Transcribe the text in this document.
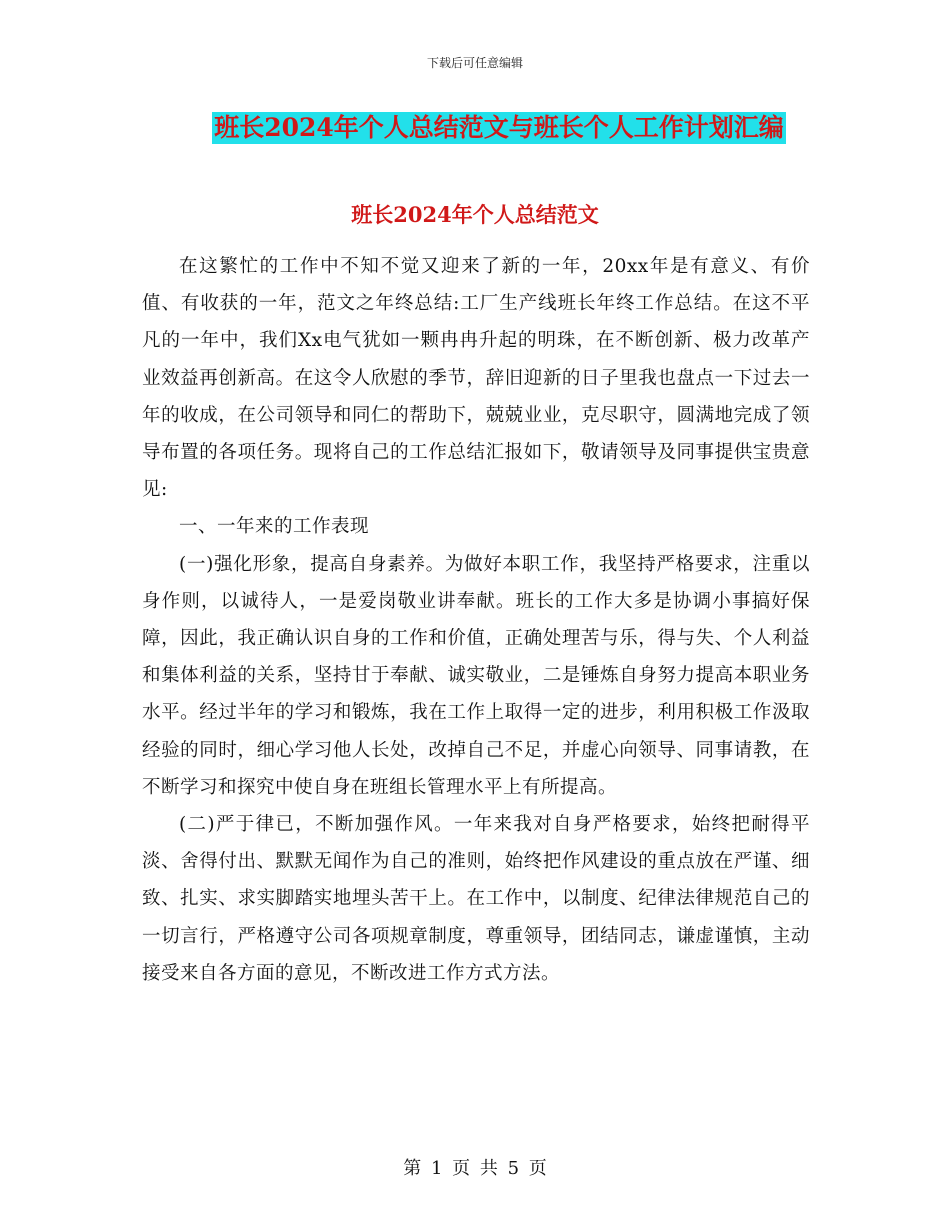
下载后可任意编辑
班长2024年个人总结范文与班长个人工作计划汇编
班长2024年个人总结范文

在这繁忙的工作中不知不觉又迎来了新的一年，20xx年是有意义、有价值、有收获的一年，范文之年终总结:工厂生产线班长年终工作总结。在这不平凡的一年中，我们Xx电气犹如一颗冉冉升起的明珠，在不断创新、极力改革产业效益再创新高。在这令人欣慰的季节，辞旧迎新的日子里我也盘点一下过去一年的收成，在公司领导和同仁的帮助下，兢兢业业，克尽职守，圆满地完成了领导布置的各项任务。现将自己的工作总结汇报如下，敬请领导及同事提供宝贵意见:

一、一年来的工作表现

(一)强化形象，提高自身素养。为做好本职工作，我坚持严格要求，注重以身作则，以诚待人，一是爱岗敬业讲奉献。班长的工作大多是协调小事搞好保障，因此，我正确认识自身的工作和价值，正确处理苦与乐，得与失、个人利益和集体利益的关系，坚持甘于奉献、诚实敬业，二是锤炼自身努力提高本职业务水平。经过半年的学习和锻炼，我在工作上取得一定的进步，利用积极工作汲取经验的同时，细心学习他人长处，改掉自己不足，并虚心向领导、同事请教，在不断学习和探究中使自身在班组长管理水平上有所提高。

(二)严于律已，不断加强作风。一年来我对自身严格要求，始终把耐得平淡、舍得付出、默默无闻作为自己的准则，始终把作风建设的重点放在严谨、细致、扎实、求实脚踏实地埋头苦干上。在工作中，以制度、纪律法律规范自己的一切言行，严格遵守公司各项规章制度，尊重领导，团结同志，谦虚谨慎，主动接受来自各方面的意见，不断改进工作方式方法。

第 1 页 共 5 页
